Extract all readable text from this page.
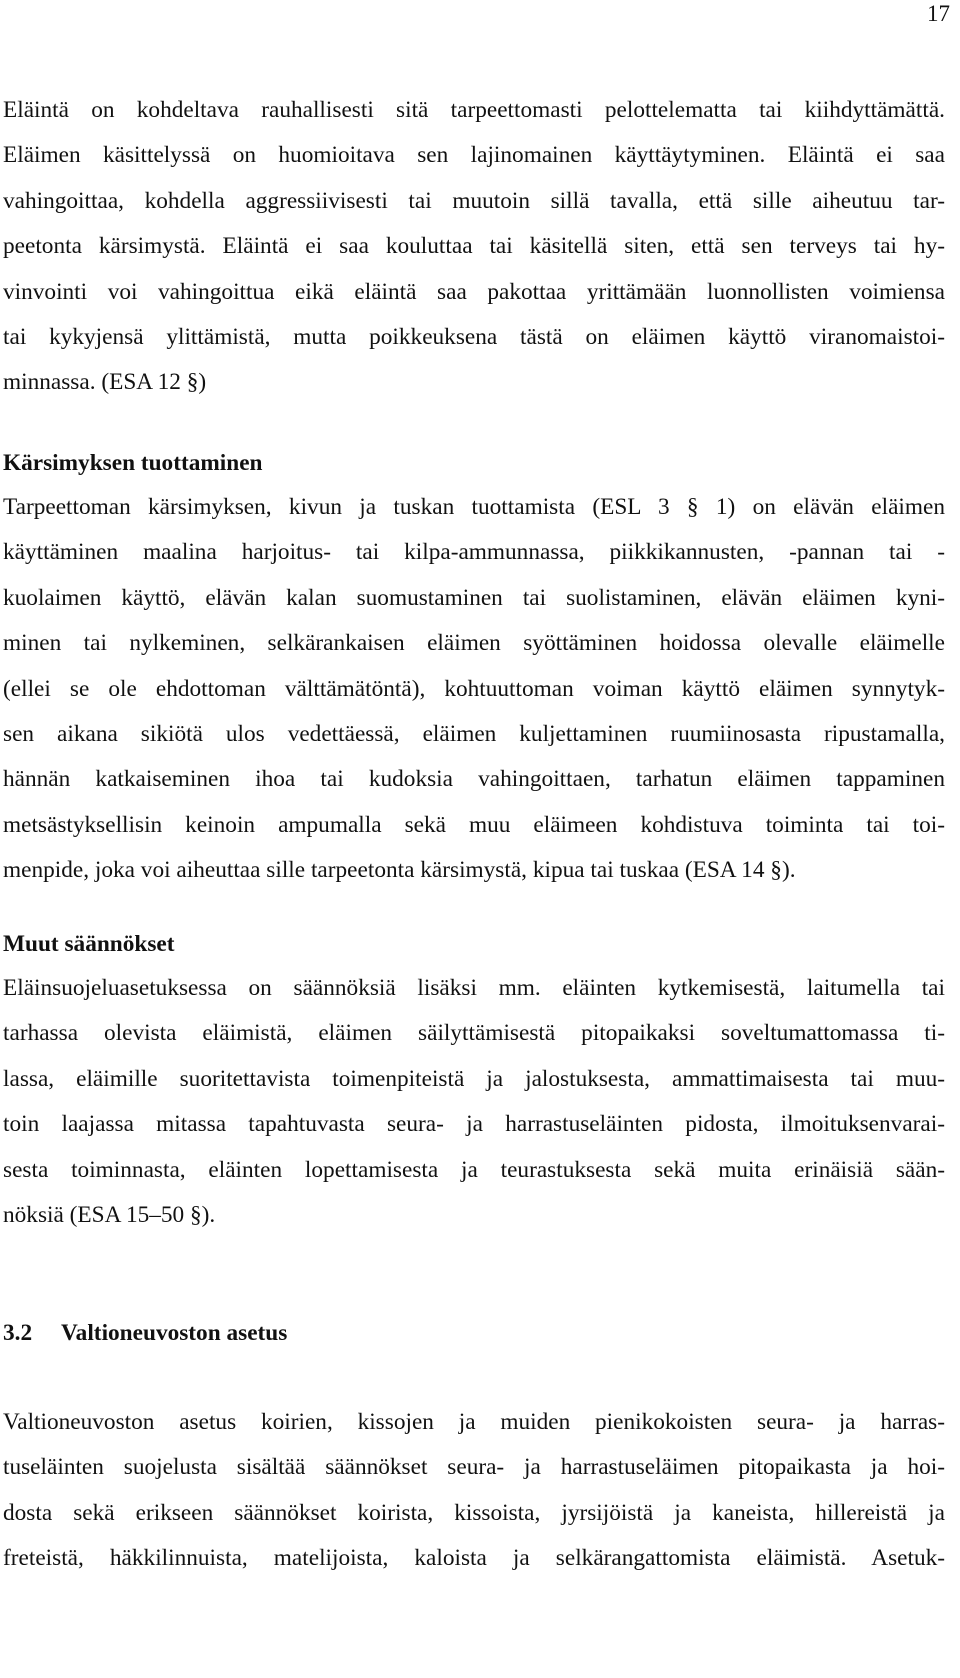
17
Eläintä on kohdeltava rauhallisesti sitä tarpeettomasti pelottelematta tai kiihdyttämättä.
Eläimen käsittelyssä on huomioitava sen lajinomainen käyttäytyminen. Eläintä ei saa
vahingoittaa, kohdella aggressiivisesti tai muutoin sillä tavalla, että sille aiheutuu tar-
peetonta kärsimystä. Eläintä ei saa kouluttaa tai käsitellä siten, että sen terveys tai hy-
vinvointi voi vahingoittua eikä eläintä saa pakottaa yrittämään luonnollisten voimiensa
tai kykyjensä ylittämistä, mutta poikkeuksena tästä on eläimen käyttö viranomaistoi-
minnassa. (ESA 12 §)
Kärsimyksen tuottaminen
Tarpeettoman kärsimyksen, kivun ja tuskan tuottamista (ESL 3 § 1) on elävän eläimen
käyttäminen maalina harjoitus- tai kilpa-ammunnassa, piikkikannusten, -pannan tai -
kuolaimen käyttö, elävän kalan suomustaminen tai suolistaminen, elävän eläimen kyni-
minen tai nylkeminen, selkärankaisen eläimen syöttäminen hoidossa olevalle eläimelle
(ellei se ole ehdottoman välttämätöntä), kohtuuttoman voiman käyttö eläimen synnytyk-
sen aikana sikiötä ulos vedettäessä, eläimen kuljettaminen ruumiinosasta ripustamalla,
hännän katkaiseminen ihoa tai kudoksia vahingoittaen, tarhatun eläimen tappaminen
metsästyksellisin keinoin ampumalla sekä muu eläimeen kohdistuva toiminta tai toi-
menpide, joka voi aiheuttaa sille tarpeetonta kärsimystä, kipua tai tuskaa (ESA 14 §).
Muut säännökset
Eläinsuojeluasetuksessa on säännöksiä lisäksi mm. eläinten kytkemisestä, laitumella tai
tarhassa olevista eläimistä, eläimen säilyttämisestä pitopaikaksi soveltumattomassa ti-
lassa, eläimille suoritettavista toimenpiteistä ja jalostuksesta, ammattimaisesta tai muu-
toin laajassa mitassa tapahtuvasta seura- ja harrastuseläinten pidosta, ilmoituksenvarai-
sesta toiminnasta, eläinten lopettamisesta ja teurastuksesta sekä muita erinäisiä sään-
nöksiä (ESA 15–50 §).
3.2 Valtioneuvoston asetus
Valtioneuvoston asetus koirien, kissojen ja muiden pienikokoisten seura- ja harras-
tuseläinten suojelusta sisältää säännökset seura- ja harrastuseläimen pitopaikasta ja hoi-
dosta sekä erikseen säännökset koirista, kissoista, jyrsijöistä ja kaneista, hillereistä ja
freteistä, häkkilinnuista, matelijoista, kaloista ja selkärangattomista eläimistä. Asetuk-
